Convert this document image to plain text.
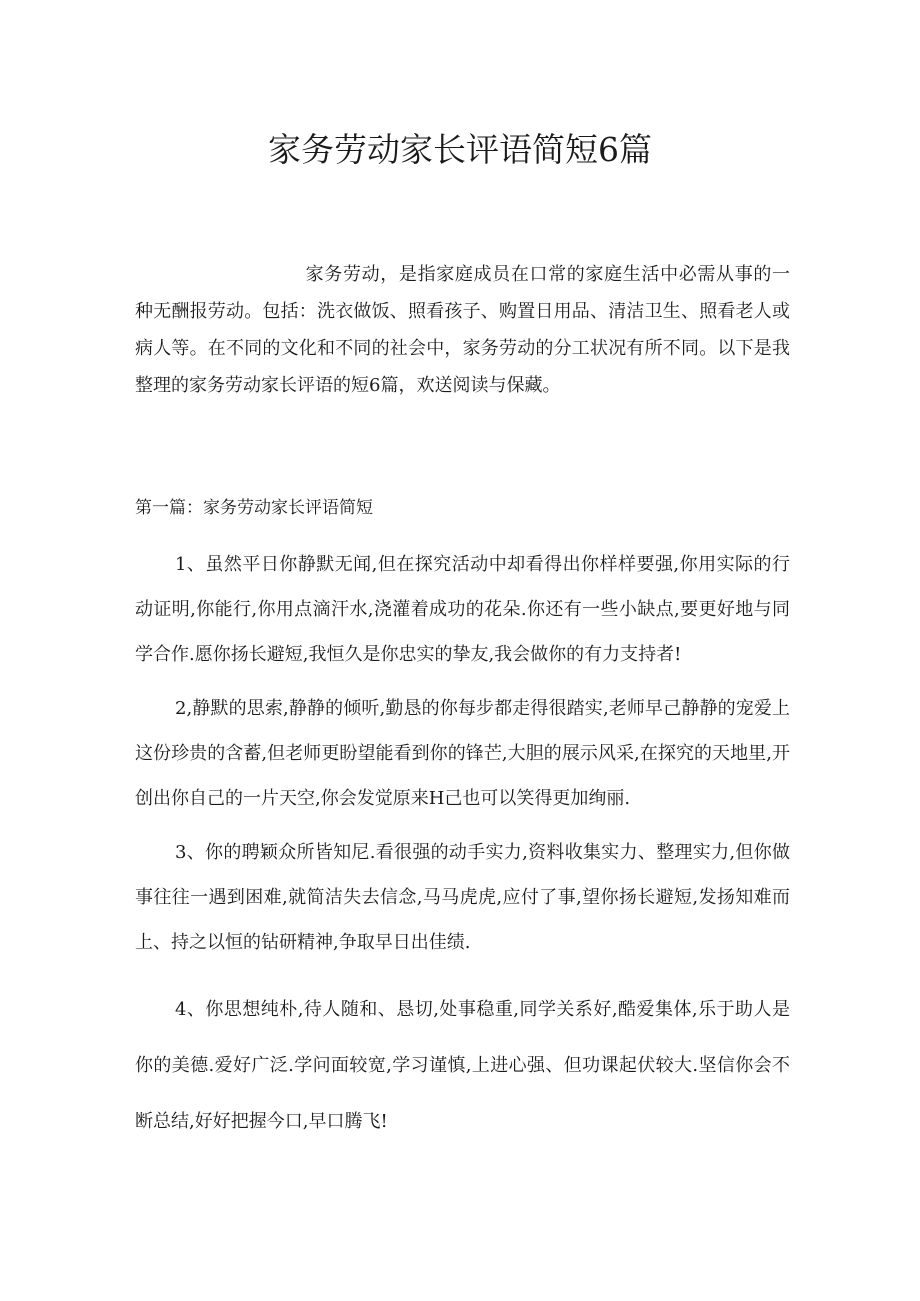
家务劳动家长评语简短6篇

家务劳动，是指家庭成员在口常的家庭生活中必需从事的一种无酬报劳动。包括：洗衣做饭、照看孩子、购置日用品、清洁卫生、照看老人或病人等。在不同的文化和不同的社会中，家务劳动的分工状况有所不同。以下是我整理的家务劳动家长评语的短6篇，欢送阅读与保藏。

第一篇：家务劳动家长评语简短

1、虽然平日你静默无闻,但在探究活动中却看得出你样样要强,你用实际的行动证明,你能行,你用点滴汗水,浇灌着成功的花朵.你还有一些小缺点,要更好地与同学合作.愿你扬长避短,我恒久是你忠实的挚友,我会做你的有力支持者!

2,静默的思索,静静的倾听,勤恳的你每步都走得很踏实,老师早己静静的宠爱上这份珍贵的含蓄,但老师更盼望能看到你的锋芒,大胆的展示风采,在探究的天地里,开创出你自己的一片天空,你会发觉原来H己也可以笑得更加绚丽.

3、你的聘颖众所皆知尼.看很强的动手实力,资料收集实力、整理实力,但你做事往往一遇到困难,就简洁失去信念,马马虎虎,应付了事,望你扬长避短,发扬知难而上、持之以恒的钻研精神,争取早日出佳绩.

4、你思想纯朴,待人随和、恳切,处事稳重,同学关系好,酷爱集体,乐于助人是你的美德.爱好广泛.学问面较宽,学习谨慎,上进心强、但功课起伏较大.坚信你会不断总结,好好把握今口,早口腾飞!
